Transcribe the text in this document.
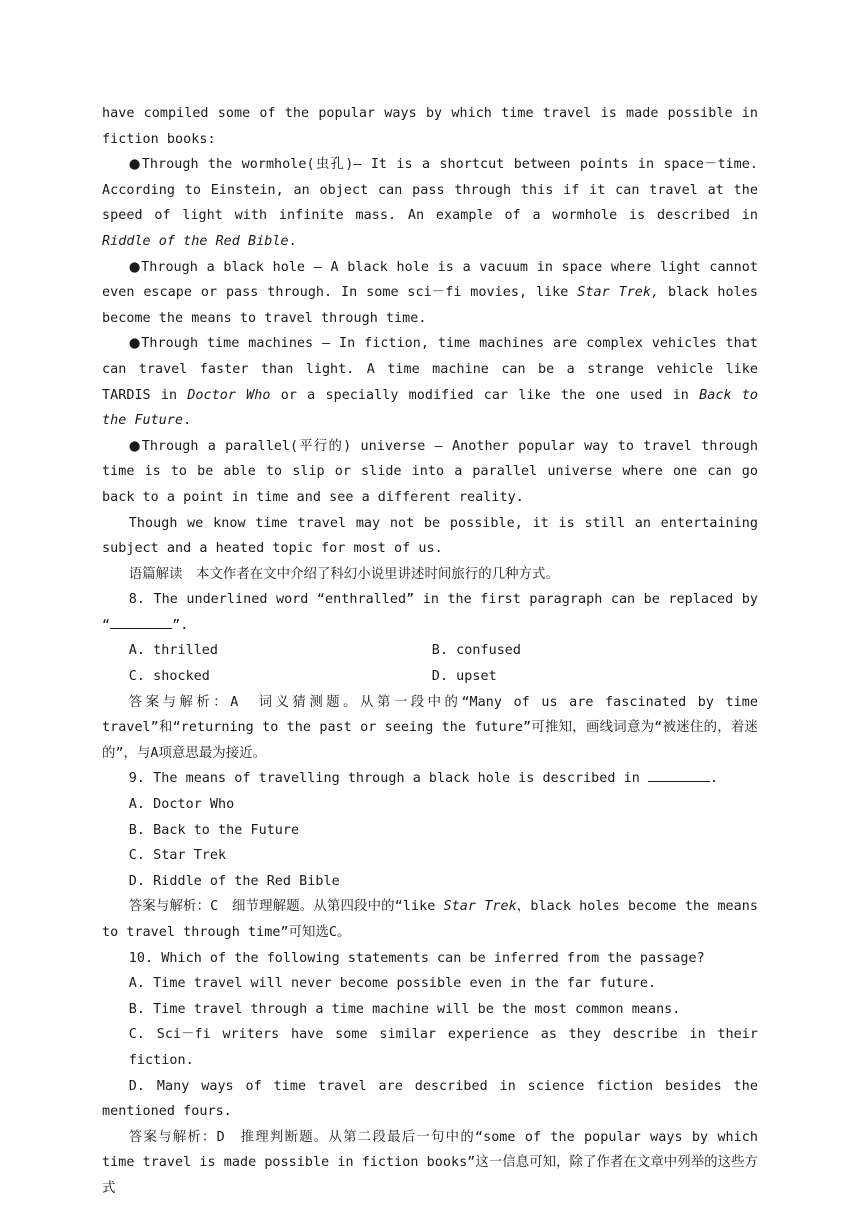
have compiled some of the popular ways by which time travel is made possible in fiction books:

●Through the wormhole(虫孔)— It is a shortcut between points in space－time. According to Einstein, an object can pass through this if it can travel at the speed of light with infinite mass. An example of a wormhole is described in Riddle of the Red Bible.

●Through a black hole — A black hole is a vacuum in space where light cannot even escape or pass through. In some sci－fi movies, like Star Trek, black holes become the means to travel through time.

●Through time machines — In fiction, time machines are complex vehicles that can travel faster than light. A time machine can be a strange vehicle like TARDIS in Doctor Who or a specially modified car like the one used in Back to the Future.

●Through a parallel(平行的) universe — Another popular way to travel through time is to be able to slip or slide into a parallel universe where one can go back to a point in time and see a different reality.

Though we know time travel may not be possible, it is still an entertaining subject and a heated topic for most of us.

语篇解读　本文作者在文中介绍了科幻小说里讲述时间旅行的几种方式。

8. The underlined word “enthralled” in the first paragraph can be replaced by “	”.

A. thrilled	B. confused
C. shocked	D. upset

答案与解析：A　词义猜测题。从第一段中的“Many of us are fascinated by time travel”和“returning to the past or seeing the future”可推知，画线词意为“被迷住的，着迷的”，与A项意思最为接近。

9. The means of travelling through a black hole is described in	.

A. Doctor Who

B. Back to the Future

C. Star Trek

D. Riddle of the Red Bible

答案与解析：C　细节理解题。从第四段中的“like Star Trek，black holes become the means to travel through time”可知选C。

10. Which of the following statements can be inferred from the passage?

A. Time travel will never become possible even in the far future.

B. Time travel through a time machine will be the most common means.

C. Sci－fi writers have some similar experience as they describe in their fiction.

D. Many ways of time travel are described in science fiction besides the mentioned fours.

答案与解析：D　推理判断题。从第二段最后一句中的“some of the popular ways by which time travel is made possible in fiction books”这一信息可知，除了作者在文章中列举的这些方式
